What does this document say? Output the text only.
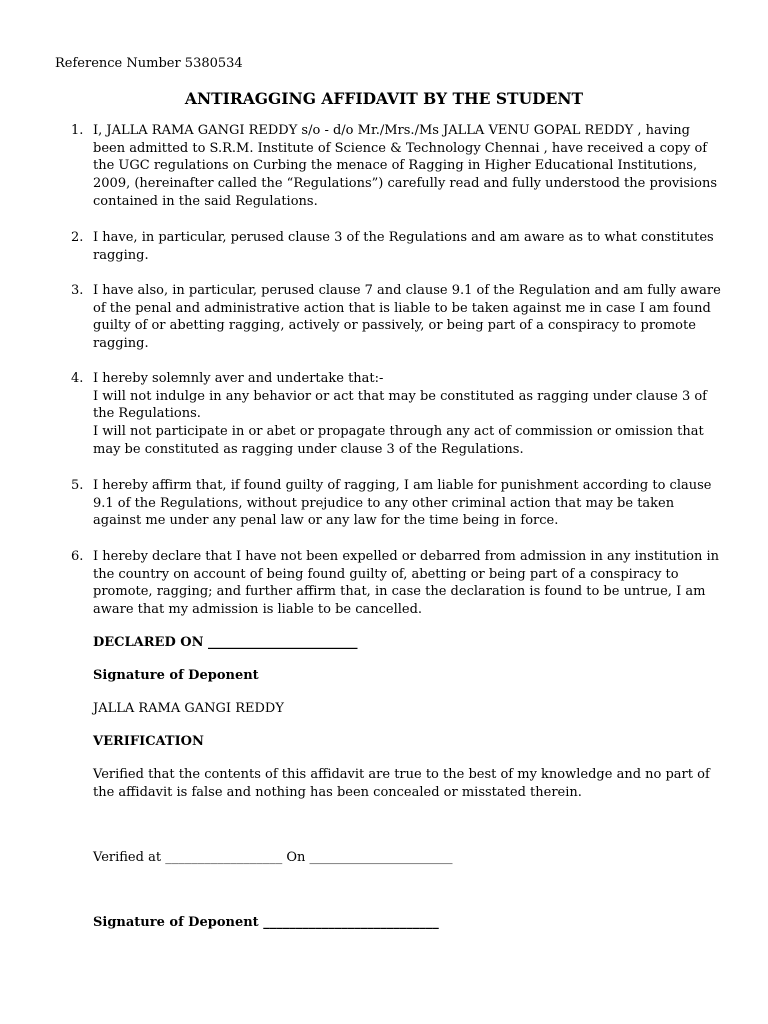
Reference Number 5380534
ANTIRAGGING AFFIDAVIT BY THE STUDENT
1. I, JALLA RAMA GANGI REDDY s/o - d/o Mr./Mrs./Ms JALLA VENU GOPAL REDDY , having
been admitted to S.R.M. Institute of Science & Technology Chennai , have received a copy of
the UGC regulations on Curbing the menace of Ragging in Higher Educational Institutions,
2009, (hereinafter called the “Regulations”) carefully read and fully understood the provisions
contained in the said Regulations.
2. I have, in particular, perused clause 3 of the Regulations and am aware as to what constitutes
ragging.
3. I have also, in particular, perused clause 7 and clause 9.1 of the Regulation and am fully aware
of the penal and administrative action that is liable to be taken against me in case I am found
guilty of or abetting ragging, actively or passively, or being part of a conspiracy to promote
ragging.
4. I hereby solemnly aver and undertake that:-
I will not indulge in any behavior or act that may be constituted as ragging under clause 3 of
the Regulations.
I will not participate in or abet or propagate through any act of commission or omission that
may be constituted as ragging under clause 3 of the Regulations.
5. I hereby affirm that, if found guilty of ragging, I am liable for punishment according to clause
9.1 of the Regulations, without prejudice to any other criminal action that may be taken
against me under any penal law or any law for the time being in force.
6. I hereby declare that I have not been expelled or debarred from admission in any institution in
the country on account of being found guilty of, abetting or being part of a conspiracy to
promote, ragging; and further affirm that, in case the declaration is found to be untrue, I am
aware that my admission is liable to be cancelled.
DECLARED ON _______________________
Signature of Deponent
JALLA RAMA GANGI REDDY
VERIFICATION
Verified that the contents of this affidavit are true to the best of my knowledge and no part of
the affidavit is false and nothing has been concealed or misstated therein.
Verified at __________________ On ______________________
Signature of Deponent ___________________________
